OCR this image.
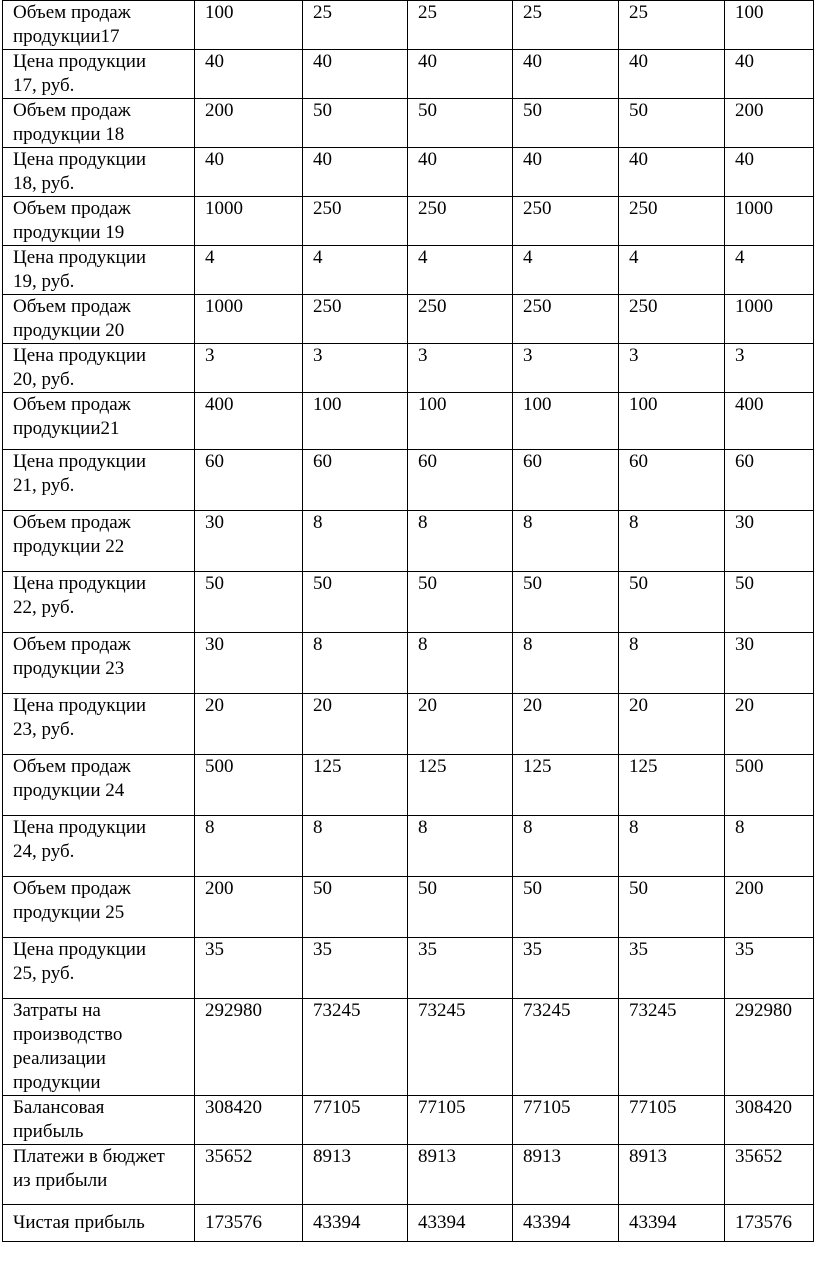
Объем продаж
продукции17	100	25	25	25	25	100
Цена продукции
17, руб.	40	40	40	40	40	40
Объем продаж
продукции 18	200	50	50	50	50	200
Цена продукции
18, руб.	40	40	40	40	40	40
Объем продаж
продукции 19	1000	250	250	250	250	1000
Цена продукции
19, руб.	4	4	4	4	4	4
Объем продаж
продукции 20	1000	250	250	250	250	1000
Цена продукции
20, руб.	3	3	3	3	3	3
Объем продаж
продукции21	400	100	100	100	100	400
Цена продукции
21, руб.	60	60	60	60	60	60
Объем продаж
продукции 22	30	8	8	8	8	30
Цена продукции
22, руб.	50	50	50	50	50	50
Объем продаж
продукции 23	30	8	8	8	8	30
Цена продукции
23, руб.	20	20	20	20	20	20
Объем продаж
продукции 24	500	125	125	125	125	500
Цена продукции
24, руб.	8	8	8	8	8	8
Объем продаж
продукции 25	200	50	50	50	50	200
Цена продукции
25, руб.	35	35	35	35	35	35
Затраты на
производство
реализации
продукции	292980	73245	73245	73245	73245	292980
Балансовая
прибыль	308420	77105	77105	77105	77105	308420
Платежи в бюджет
из прибыли	35652	8913	8913	8913	8913	35652
Чистая прибыль	173576	43394	43394	43394	43394	173576
